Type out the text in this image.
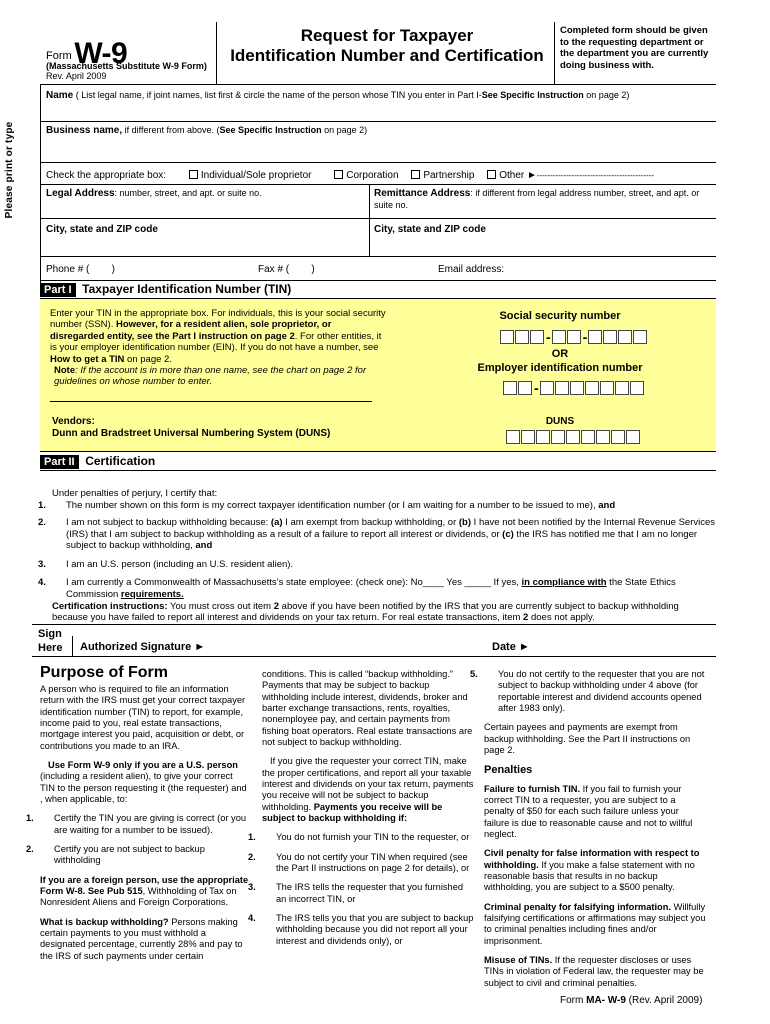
Form W-9
(Massachusetts Substitute W-9 Form)
Rev. April 2009
Request for Taxpayer
Identification Number and Certification
Completed form should be given to the requesting department or the department you are currently doing business with.
Please print or type
Name ( List legal name, if joint names, list first & circle the name of the person whose TIN you enter in Part I-See Specific Instruction on page 2)
Business name, if different from above. (See Specific Instruction on page 2)
Check the appropriate box:	Individual/Sole proprietor	Corporation Partnership Other ►--------------------------------------------
Legal Address: number, street, and apt. or suite no.	Remittance Address: if different from legal address number, street, and apt. or suite no.
City, state and ZIP code	City, state and ZIP code
Phone # (        )	Fax # (        )	Email address:
Part I Taxpayer Identification Number (TIN)
Enter your TIN in the appropriate box. For individuals, this is your social security number (SSN). However, for a resident alien, sole proprietor, or disregarded entity, see the Part I instruction on page 2. For other entities, it is your employer identification number (EIN). If you do not have a number, see How to get a TIN on page 2.
Note: If the account is in more than one name, see the chart on page 2 for guidelines on whose number to enter.
Vendors:
Dunn and Bradstreet Universal Numbering System (DUNS)
Social security number
- -
OR
Employer identification number
-
DUNS
Part II Certification
Under penalties of perjury, I certify that:
1. The number shown on this form is my correct taxpayer identification number (or I am waiting for a number to be issued to me), and
2. I am not subject to backup withholding because: (a) I am exempt from backup withholding, or (b) I have not been notified by the Internal Revenue Services (IRS) that I am subject to backup withholding as a result of a failure to report all interest or dividends, or (c) the IRS has notified me that I am no longer subject to backup withholding, and
3. I am an U.S. person (including an U.S. resident alien).
4. I am currently a Commonwealth of Massachusetts’s state employee: (check one): No____ Yes _____ If yes, in compliance with the State Ethics Commission requirements.
Certification instructions: You must cross out item 2 above if you have been notified by the IRS that you are currently subject to backup withholding because you have failed to report all interest and dividends on your tax return. For real estate transactions, item 2 does not apply.
Sign
Here Authorized Signature ►	Date ►
Purpose of Form

A person who is required to file an information return with the IRS must get your correct taxpayer identification number (TIN) to report, for example, income paid to you, real estate transactions, mortgage interest you paid, acquisition or debt, or contributions you made to an IRA.

Use Form W-9 only if you are a U.S. person (including a resident alien), to give your correct TIN to the person requesting it (the requester) and , when applicable, to:

1. Certify the TIN you are giving is correct (or you are waiting for a number to be issued).

2. Certify you are not subject to backup withholding

If you are a foreign person, use the appropriate Form W-8. See Pub 515, Withholding of Tax on Nonresident Aliens and Foreign Corporations.

What is backup withholding? Persons making certain payments to you must withhold a designated percentage, currently 28% and pay to the IRS of such payments under certain

conditions. This is called “backup withholding.” Payments that may be subject to backup withholding include interest, dividends, broker and barter exchange transactions, rents, royalties, nonemployee pay, and certain payments from fishing boat operators. Real estate transactions are not subject to backup withholding.

If you give the requester your correct TIN, make the proper certifications, and report all your taxable interest and dividends on your tax return, payments you receive will not be subject to backup withholding. Payments you receive will be subject to backup withholding if:

1. You do not furnish your TIN to the requester, or

2. You do not certify your TIN when required (see the Part II instructions on page 2 for details), or

3. The IRS tells the requester that you furnished an incorrect TIN, or

4. The IRS tells you that you are subject to backup withholding because you did not report all your interest and dividends only), or

5. You do not certify to the requester that you are not subject to backup withholding under 4 above (for reportable interest and dividend accounts opened after 1983 only).

Certain payees and payments are exempt from backup withholding. See the Part II instructions on page 2.

Penalties

Failure to furnish TIN. If you fail to furnish your correct TIN to a requester, you are subject to a penalty of $50 for each such failure unless your failure is due to reasonable cause and not to willful neglect.

Civil penalty for false information with respect to withholding. If you make a false statement with no reasonable basis that results in no backup withholding, you are subject to a $500 penalty.

Criminal penalty for falsifying information. Willfully falsifying certifications or affirmations may subject you to criminal penalties including fines and/or imprisonment.

Misuse of TINs. If the requester discloses or uses TINs in violation of Federal law, the requester may be subject to civil and criminal penalties.

Form MA- W-9 (Rev. April 2009)
